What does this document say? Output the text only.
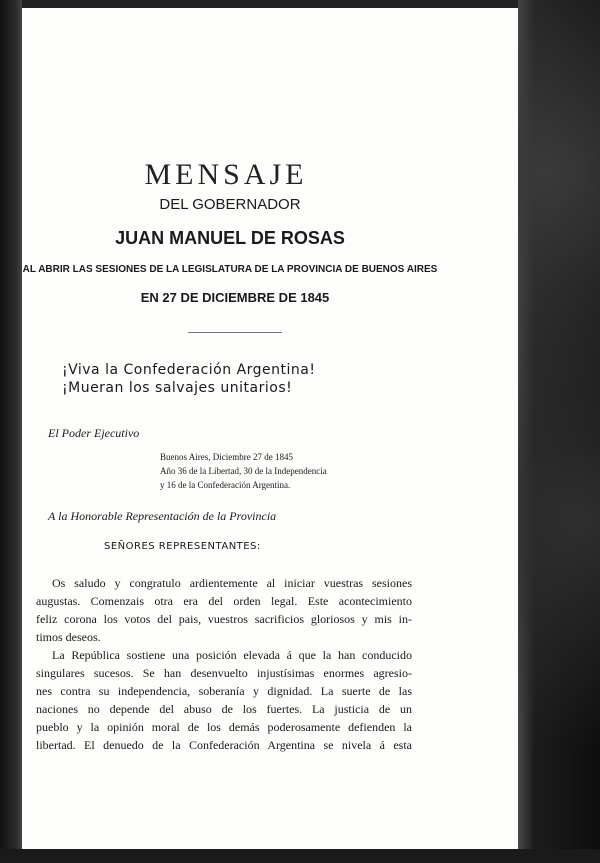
MENSAJE
DEL GOBERNADOR
JUAN MANUEL DE ROSAS
AL ABRIR LAS SESIONES DE LA LEGISLATURA DE LA PROVINCIA DE BUENOS AIRES
EN 27 DE DICIEMBRE DE 1845
¡Viva la Confederación Argentina!
¡Mueran los salvajes unitarios!
El Poder Ejecutivo
Buenos Aires, Diciembre 27 de 1845
Año 36 de la Libertad, 30 de la Independencia
y 16 de la Confederación Argentina.
A la Honorable Representación de la Provincia
SEÑORES REPRESENTANTES:
Os saludo y congratulo ardientemente al iniciar vuestras sesiones
augustas. Comenzais otra era del orden legal. Este acontecimiento
feliz corona los votos del pais, vuestros sacrificios gloriosos y mis in-
timos deseos.
La República sostiene una posición elevada á que la han conducido
singulares sucesos. Se han desenvuelto injustísimas enormes agresio-
nes contra su independencia, soberanía y dignidad. La suerte de las
naciones no depende del abuso de los fuertes. La justicia de un
pueblo y la opinión moral de los demás poderosamente defienden la
libertad. El denuedo de la Confederación Argentina se nivela á esta
